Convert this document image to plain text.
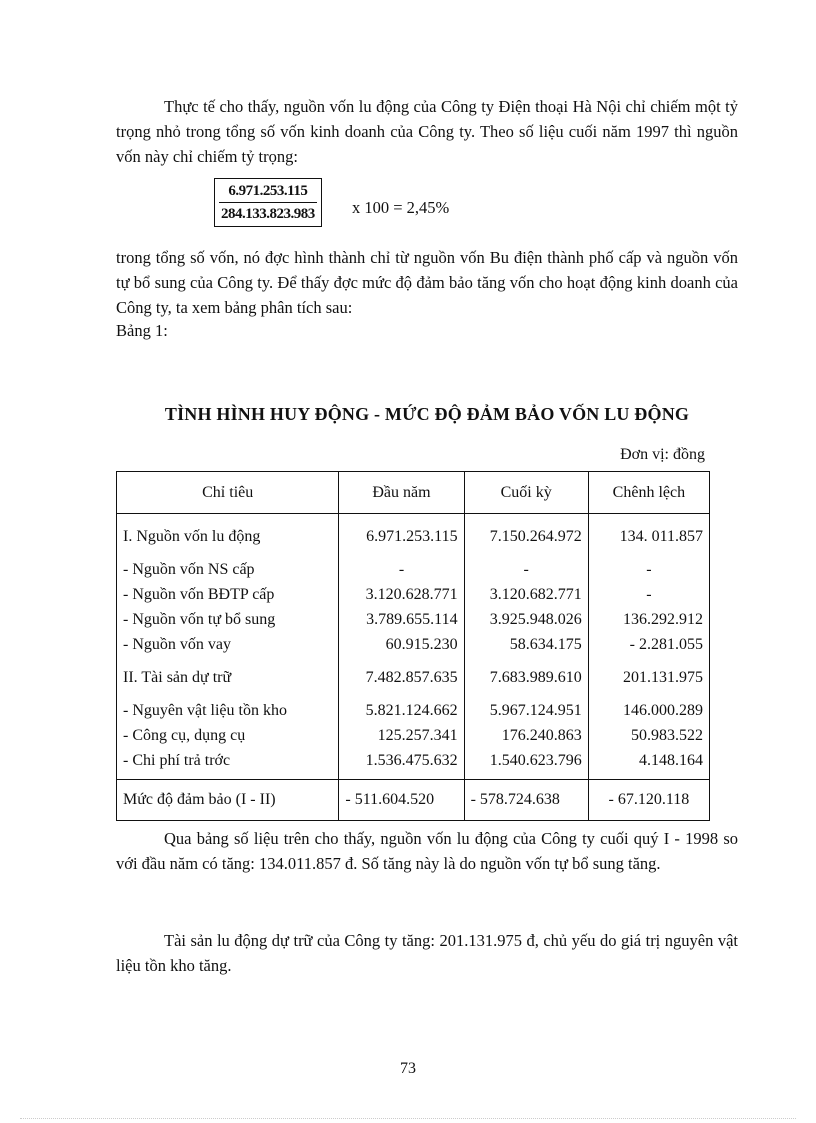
Thực tế cho thấy, nguồn vốn lu động của Công ty Điện thoại Hà Nội chỉ chiếm một tỷ trọng nhỏ trong tổng số vốn kinh doanh của Công ty. Theo số liệu cuối năm 1997 thì nguồn vốn này chỉ chiếm tỷ trọng:

$\frac{6.971.253.115}{284.133.823.983}$ x 100 = 2,45%

trong tổng số vốn, nó đợc hình thành chỉ từ nguồn vốn Bu điện thành phố cấp và nguồn vốn tự bổ sung của Công ty. Để thấy đợc mức độ đảm bảo tăng vốn cho hoạt động kinh doanh của Công ty, ta xem bảng phân tích sau:

Bảng 1:
TÌNH HÌNH HUY ĐỘNG - MỨC ĐỘ ĐẢM BẢO VỐN LU ĐỘNG
Đơn vị: đồng
Chỉ tiêu	Đầu năm	Cuối kỳ	Chênh lệch
I. Nguồn vốn lu động	6.971.253.115	7.150.264.972	134. 011.857
- Nguồn vốn NS cấp	-	-	-
- Nguồn vốn BĐTP cấp	3.120.628.771	3.120.682.771	-
- Nguồn vốn tự bổ sung	3.789.655.114	3.925.948.026	136.292.912
- Nguồn vốn vay	60.915.230	58.634.175	- 2.281.055
II. Tài sản dự trữ	7.482.857.635	7.683.989.610	201.131.975
- Nguyên vật liệu tồn kho	5.821.124.662	5.967.124.951	146.000.289
- Công cụ, dụng cụ	125.257.341	176.240.863	50.983.522
- Chi phí trả trớc	1.536.475.632	1.540.623.796	4.148.164
Mức độ đảm bảo (I - II)	- 511.604.520	- 578.724.638	- 67.120.118

Qua bảng số liệu trên cho thấy, nguồn vốn lu động của Công ty cuối quý I - 1998 so với đầu năm có tăng: 134.011.857 đ. Số tăng này là do nguồn vốn tự bổ sung tăng.

Tài sản lu động dự trữ của Công ty tăng: 201.131.975 đ, chủ yếu do giá trị nguyên vật liệu tồn kho tăng.

73
